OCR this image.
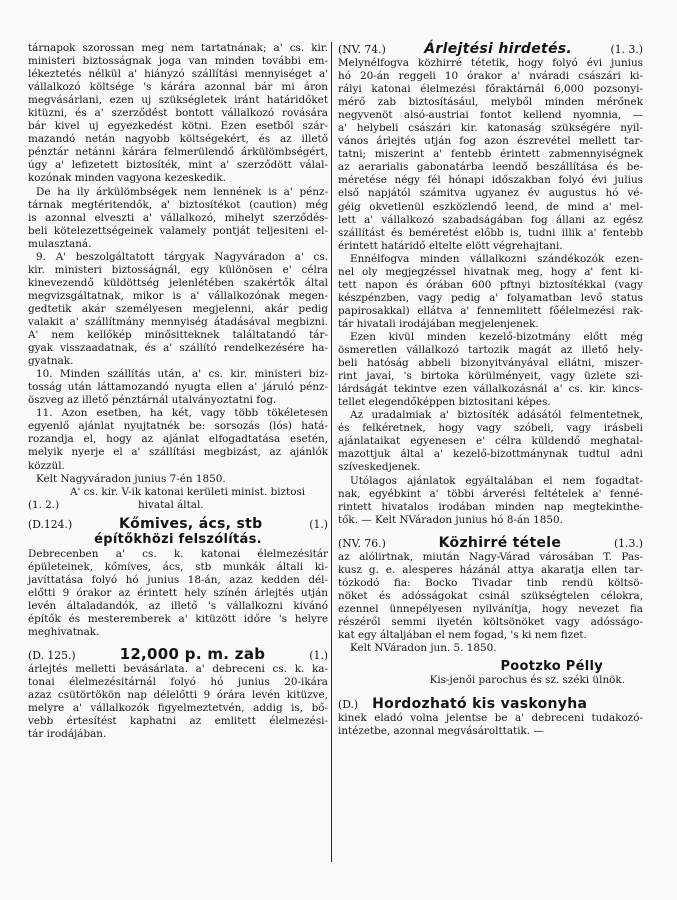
tárnapok szorossan meg nem tartatnának; a' cs. kir.
ministeri biztosságnak joga van minden további em-
lékeztetés nélkül a' hiányzó szállítási mennyiséget a'
vállalkozó költsége 's kárára azonnal bár mi áron
megvásárlani, ezen uj szükségletek iránt határidőket
kitüzni, és a' szerződést bontott vállalkozó rovására
bár kivel uj egyezkedést kötni. Ezen esetből szár-
mazandó netán nagyobb költségekért, és az illető
pénztár netánni kárára felmerülendő árkülömbségért,
úgy a' lefizetett biztosíték, mint a' szerződött válal-
kozónak minden vagyona kezeskedik.
De ha ily árkülömbségek nem lennének is a' pénz-
tárnak megtéritendők, a' biztosítékot (caution) még
is azonnal elveszti a' vállalkozó, mihelyt szerződés-
beli kötelezettségeinek valamely pontját teljesiteni el-
mulasztaná.
9. A' beszolgáltatott tárgyak Nagyváradon a' cs.
kir. ministeri biztosságnál, egy különösen e' célra
kinevezendő küldöttség jelenlétében szakértők által
megvizsgáltatnak, mikor is a' vállalkozónak megen-
gedtetik akár személyesen megjelenni, akár pedig
valakit a' szállítmány mennyiség átadásával megbizni.
A' nem kellőkép minősitteknek találtatandó tár-
gyak visszaadatnak, és a' szállító rendelkezésére ha-
gyatnak.
10. Minden szállítás után, a' cs. kir. ministeri biz-
tosság után láttamozandó nyugta ellen a' járuló pénz-
öszveg az illető pénztárnál utalványoztatni fog.
11. Azon esetben, ha két, vagy több tökéletesen
egyenlő ajánlat nyujtatnék be: sorsozás (lós) hatá-
rozandja el, hogy az ajánlat elfogadtatása esetén,
melyik nyerje el a' szállítási megbizást, az ajánlók
közzül.
Kelt Nagyváradon junius 7-én 1850.
A' cs. kir. V-ik katonai kerületi minist. biztosi
(1. 2.)	hivatal által.
(D.124.)	Kőmives, ács, stb	(1.)
építőkhözi felszólítás.
Debrecenben a' cs. k. katonai élelmezésitár
épületeinek, kőmíves, ács, stb munkák általi ki-
javíttatása folyó hó junius 18-án, azaz kedden dél-
előtti 9 órakor az érintett hely színén árlejtés utján
levén általadandók, az illető 's vállalkozni kivánó
építők és mesteremberek a' kitüzött időre 's helyre
meghivatnak.
(D. 125.)	12,000 p. m. zab	(1.)
árlejtés melletti bevásárlata. a' debreceni cs. k. ka-
tonai élelmezésitárnál folyó hó junius 20-ikára
azaz csütörtökön nap délelőtti 9 órára levén kitüzve,
melyre a' vállalkozók figyelmeztetvén, addig is, bő-
vebb értesítést kaphatni az emlitett élelmezési-
tár irodájában.
(NV. 74.)	Árlejtési hirdetés.	(1. 3.)
Melynélfogva közhirré tétetik, hogy folyó évi junius
hó 20-án reggeli 10 órakor a' nváradi császári ki-
rályi katonai élelmezési főraktárnál 6,000 pozsonyi-
mérő zab biztosításául, melyből minden mérőnek
negyvenöt alsó-austriai fontot kellend nyomnia, —
a' helybeli császári kir. katonaság szükségére nyil-
vános árlejtés utján fog azon észrevétel mellett tar-
tatni; miszerint a' fentebb érintett zabmennyiségnek
az aerarialis gabonatárba leendő beszállítása és be-
méretése négy fél hónapi időszakban folyó évi julius
első napjától számitva ugyanez év augustus hó vé-
géig okvetlenül eszközlendő leend, de mind a' mel-
lett a' vállalkozó szabadságában fog állani az egész
szállítást és beméretést előbb is, tudni illik a' fentebb
érintett határidő eltelte elött végrehajtani.
Ennélfogva minden vállalkozni szándékozók ezen-
nel oly megjegzéssel hivatnak meg, hogy a' fent ki-
tett napon és órában 600 pftnyi biztosítékkal (vagy
készpénzben, vagy pedig a' folyamatban levő status
papirosakkal) ellátva a' fennemlitett főélelmezési rak-
tár hivatali irodájában megjelenjenek.
Ezen kivül minden kezelő-bizotmány előtt még
ösmeretlen vállalkozó tartozik magát az illető hely-
beli hatóság abbeli bizonyitványával ellátni, miszer-
rint javai, 's birtoka körülményeit, vagy üzlete szi-
lárdságát tekintve ezen vállalkozásnál a' cs. kir. kincs-
tellet elegendőképpen biztositani képes.
Az uradalmiak a' biztosíték adásától felmentetnek,
és felkéretnek, hogy vagy szóbeli, vagy irásbeli
ajánlataikat egyenesen e' célra küldendő meghatal-
mazottjuk által a' kezelő-bizottmánynak tudtul adni
szíveskedjenek.
Utólagos ajánlatok egyáltalában el nem fogadtat-
nak, egyébkint a' többi árverési feltételek a' fenné-
rintett hivatalos irodában minden nap megtekinthe-
tők. — Kelt NVáradon junius hó 8-án 1850.
(NV. 76.)	Közhirré tétele	(1.3.)
az alólirtnak, miután Nagy-Várad városában T. Pas-
kusz g. e. alesperes házánál attya akaratja ellen tar-
tózkodó fia: Bocko Tivadar tinb rendü költsö-
nöket és adósságokat csinál szükségtelen célokra,
ezennel ünnepélyesen nyilvánítja, hogy nevezet fia
részéről semmi ilyetén költsönöket vagy adósságo-
kat egy általjában el nem fogad, 's ki nem fizet.
Kelt NVáradon jun. 5. 1850.
Pootzko Pélly
Kis-jenői parochus és sz. széki ülnök.
(D.) Hordozható kis vaskonyha
kinek eladó volna jelentse be a' debreceni tudakozó-
intézetbe, azonnal megvásárolttatik. —
